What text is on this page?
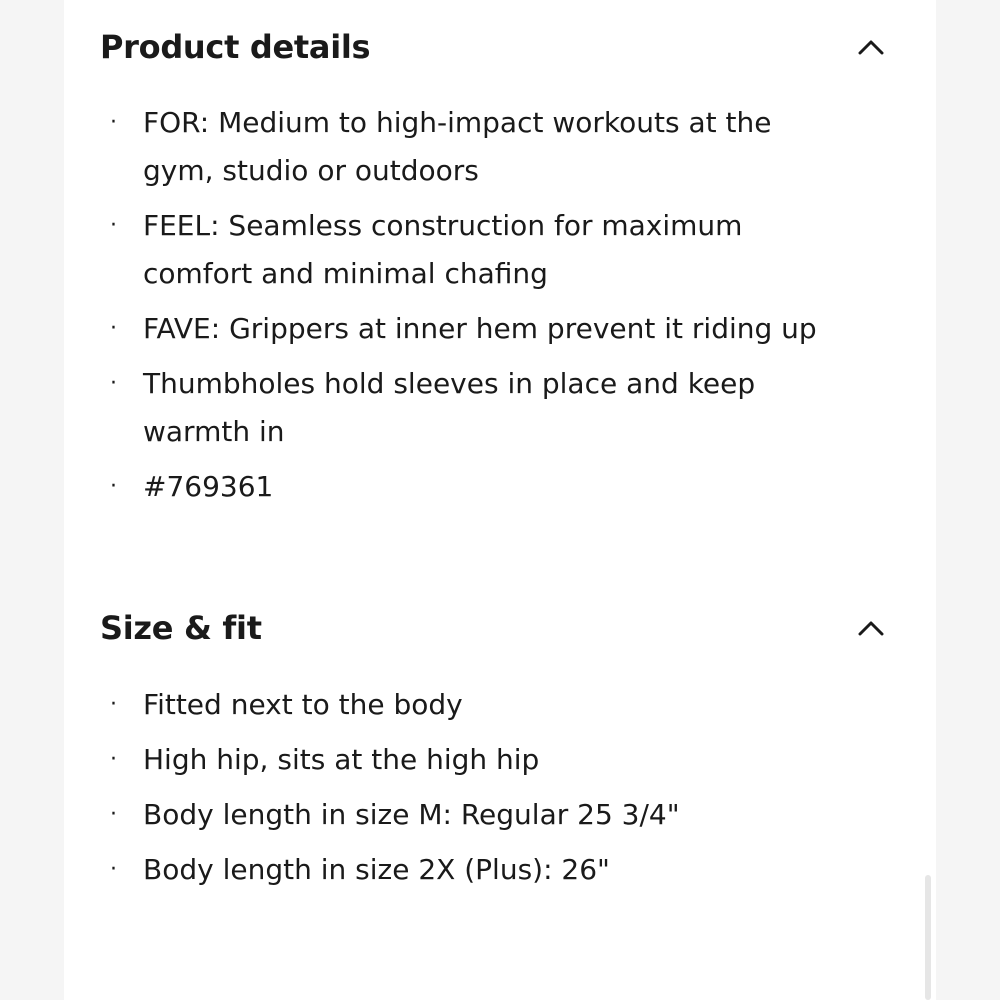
Product details
· FOR: Medium to high-impact workouts at the gym, studio or outdoors
· FEEL: Seamless construction for maximum comfort and minimal chafing
· FAVE: Grippers at inner hem prevent it riding up
· Thumbholes hold sleeves in place and keep warmth in
· #769361
Size & fit
· Fitted next to the body
· High hip, sits at the high hip
· Body length in size M: Regular 25 3/4"
· Body length in size 2X (Plus): 26"
